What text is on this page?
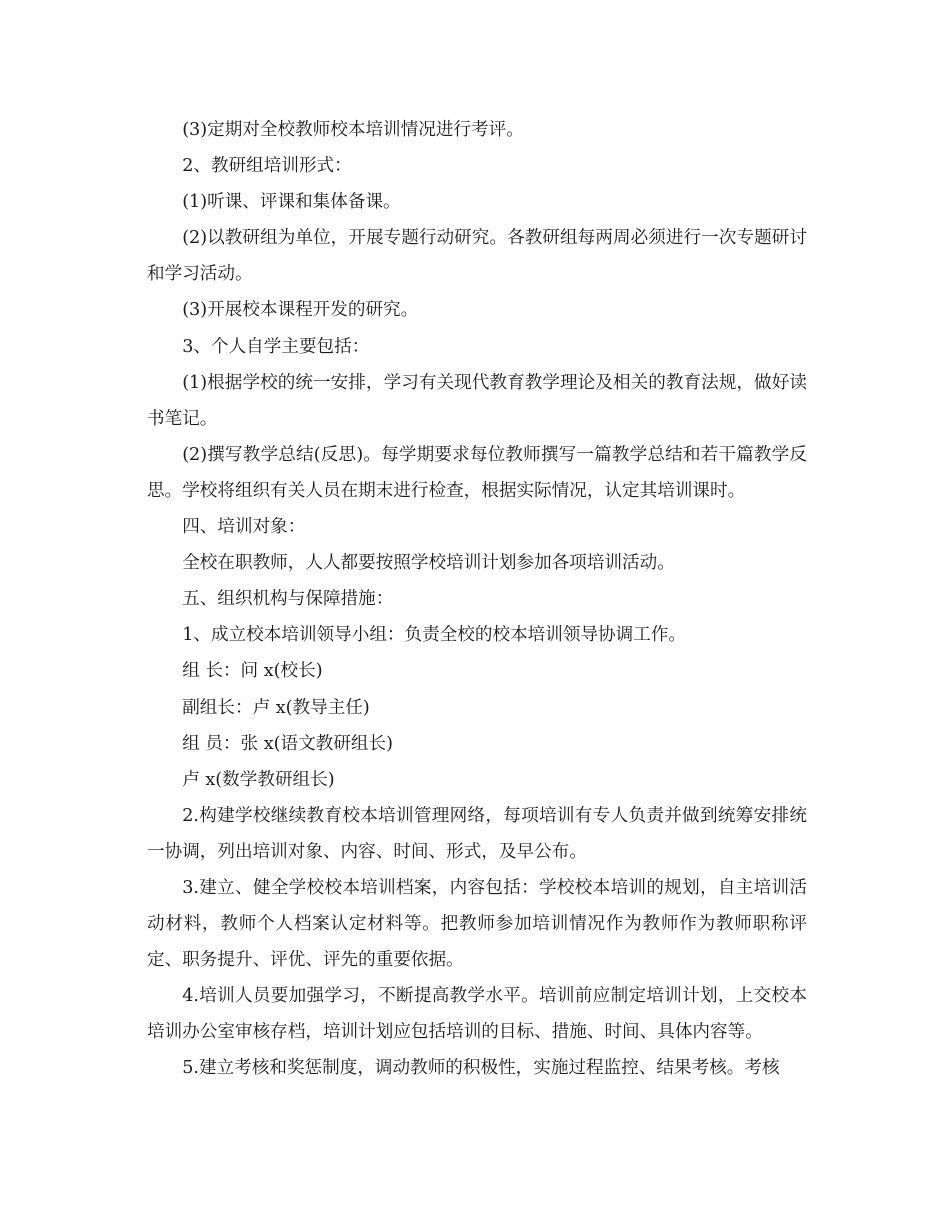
(3)定期对全校教师校本培训情况进行考评。

2、教研组培训形式：

(1)听课、评课和集体备课。

(2)以教研组为单位，开展专题行动研究。各教研组每两周必须进行一次专题研讨和学习活动。

(3)开展校本课程开发的研究。

3、个人自学主要包括：

(1)根据学校的统一安排，学习有关现代教育教学理论及相关的教育法规，做好读书笔记。

(2)撰写教学总结(反思)。每学期要求每位教师撰写一篇教学总结和若干篇教学反思。学校将组织有关人员在期末进行检查，根据实际情况，认定其培训课时。

四、培训对象：

全校在职教师，人人都要按照学校培训计划参加各项培训活动。

五、组织机构与保障措施：

1、成立校本培训领导小组：负责全校的校本培训领导协调工作。

组 长：问 x(校长)

副组长：卢 x(教导主任)

组 员：张 x(语文教研组长)

卢 x(数学教研组长)

2.构建学校继续教育校本培训管理网络，每项培训有专人负责并做到统筹安排统一协调，列出培训对象、内容、时间、形式，及早公布。

3.建立、健全学校校本培训档案，内容包括：学校校本培训的规划，自主培训活动材料，教师个人档案认定材料等。把教师参加培训情况作为教师作为教师职称评定、职务提升、评优、评先的重要依据。

4.培训人员要加强学习，不断提高教学水平。培训前应制定培训计划，上交校本培训办公室审核存档，培训计划应包括培训的目标、措施、时间、具体内容等。

5.建立考核和奖惩制度，调动教师的积极性，实施过程监控、结果考核。考核
